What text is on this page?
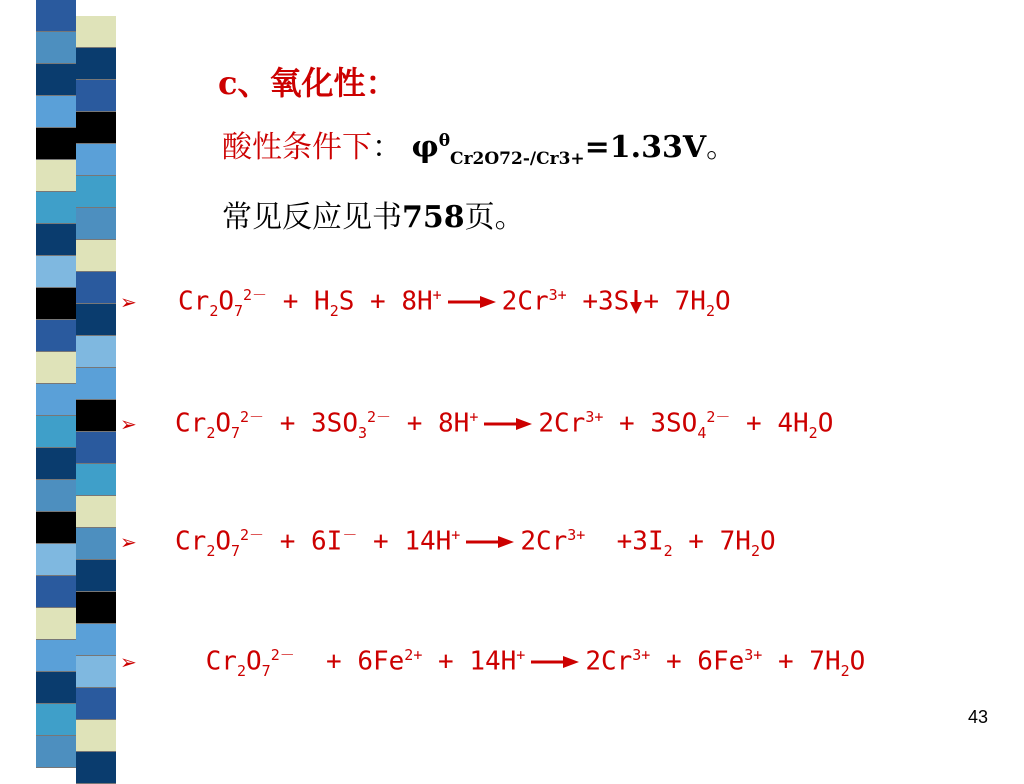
c、氧化性：
酸性条件下： $\varphi^\theta_{Cr2O72-/Cr3+}=1.33V$。
常见反应见书758页。
➢ $Cr_2O_7^{2-} + H_2S + 8H^+$ $2Cr^{3+} +3S + 7H_2O$
➢ $Cr_2O_7^{2-} + 3SO_3^{2-} + 8H^+$ $2Cr^{3+} + 3SO_4^{2-} + 4H_2O$
➢ $Cr_2O_7^{2-} + 6I^- + 14H^+$ $2Cr^{3+} +3I_2 + 7H_2O$
➢ $Cr_2O_7^{2-} + 6Fe^{2+} + 14H^+$ $2Cr^{3+} + 6Fe^{3+} + 7H_2O$
43
